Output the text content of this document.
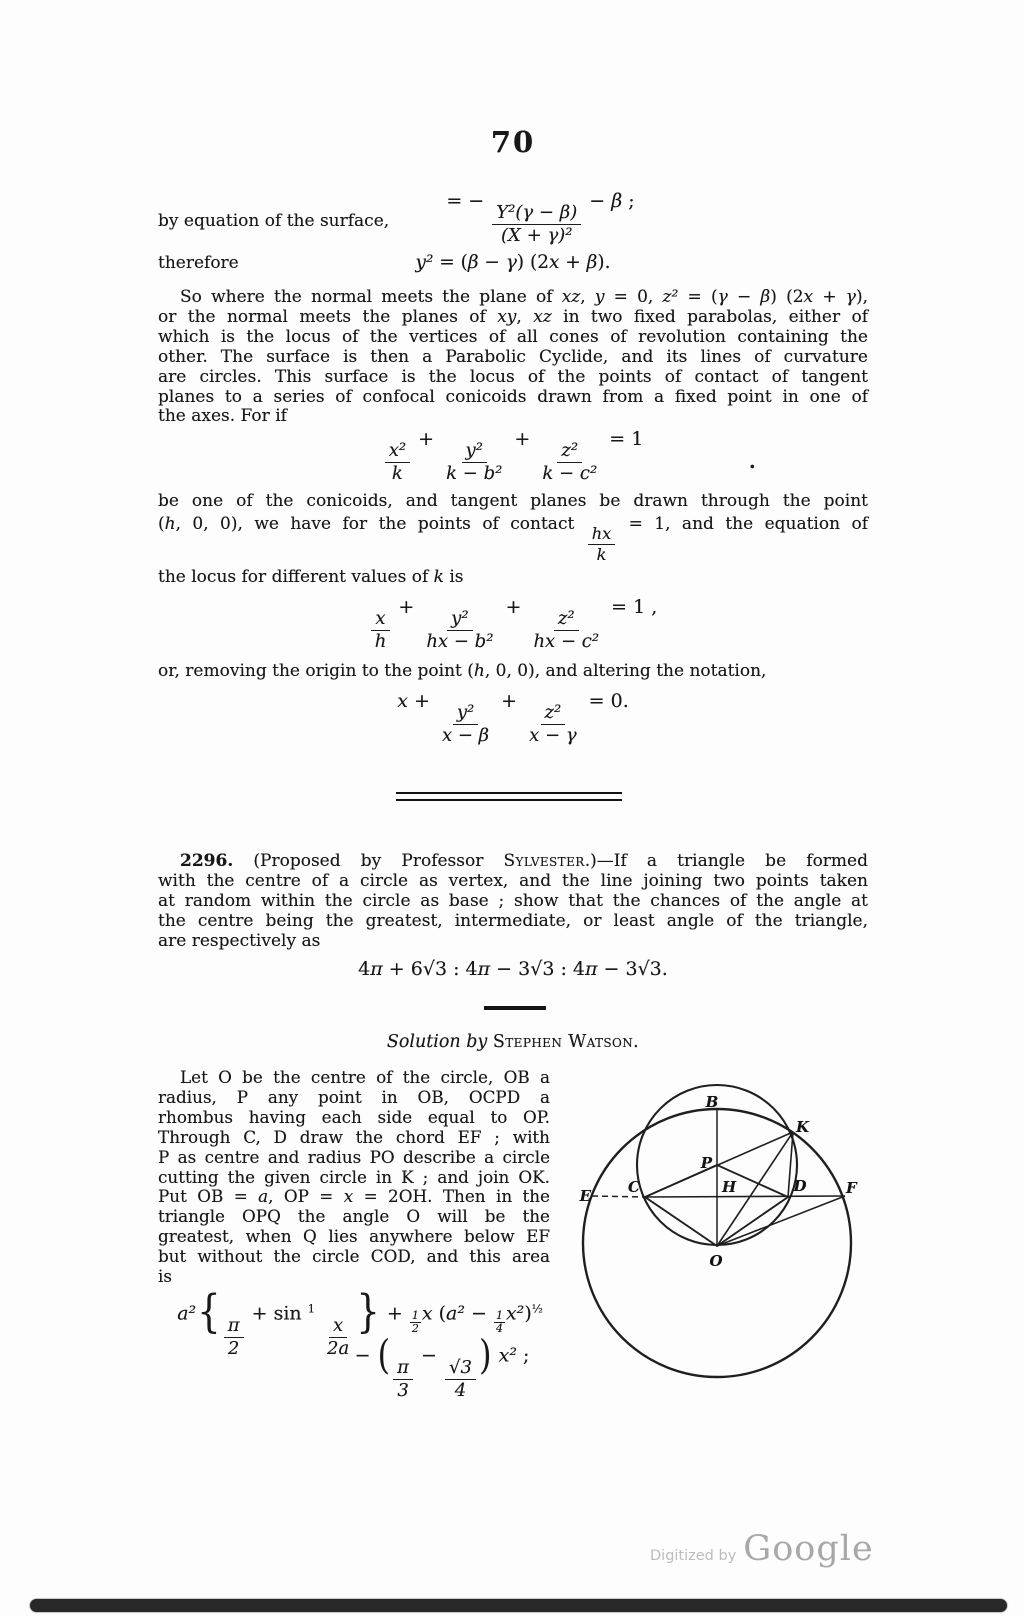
70
by equation of the surface,
= −
$\frac{\text{Y²(γ − β)}}{\text{(X + γ)²}}$
− β ;
therefore	y² = (β − γ) (2x + β).
So where the normal meets the plane of xz, y = 0, z² = (γ − β) (2x + γ),
or the normal meets the planes of xy, xz in two fixed parabolas, either of
which is the locus of the vertices of all cones of revolution containing the
other. The surface is then a Parabolic Cyclide, and its lines of curvature
are circles. This surface is the locus of the points of contact of tangent
planes to a series of confocal conicoids drawn from a fixed point in one of
the axes. For if
$\frac{\text{x²}}{k}$
+
$\frac{\text{y²}}{\text{k − b²}}$
+
$\frac{\text{z²}}{\text{k − c²}}$
= 1
.
be one of the conicoids, and tangent planes be drawn through the point
(h, 0, 0), we have for the points of contact
$\frac{hx}{k}$
= 1, and the equation of
the locus for different values of k is
$\frac{x}{h}$
+
$\frac{\text{y²}}{\text{hx − b²}}$
+
$\frac{\text{z²}}{\text{hx − c²}}$
= 1 ,
or, removing the origin to the point (h, 0, 0), and altering the notation,
x +
$\frac{\text{y²}}{x - \beta}$
+
$\frac{\text{z²}}{x - \gamma}$
= 0.
2296. (Proposed by Professor Sylvester.)—If a triangle be formed
with the centre of a circle as vertex, and the line joining two points taken
at random within the circle as base ; show that the chances of the angle at
the centre being the greatest, intermediate, or least angle of the triangle,
are respectively as
4π + 6√3 : 4π − 3√3 : 4π − 3√3.
Solution by Stephen Watson.
Let O be the centre of the circle, OB a
radius, P any point in OB, OCPD a
rhombus having each side equal to OP.
Through C, D draw the chord EF ; with
P as centre and radius PO describe a circle
cutting the given circle in K ; and join OK.
Put OB = a, OP = x = 2OH. Then in the
triangle OPQ the angle O will be the
greatest, when Q lies anywhere below EF
but without the circle COD, and this area
is
a²{
$\frac{\pi}{2}$
+ sin $^1$
$\frac{x}{2a}$
} + $\frac{1}{2}$ x $(a^2 - \frac{1}{4} x^2)^{\frac{1}{2}}$
− (
$\frac{\pi}{3}$
−
$\frac{√3}{4}$
) x² ;
B
K
P
E C	H	D	F
O
Digitized by Google
